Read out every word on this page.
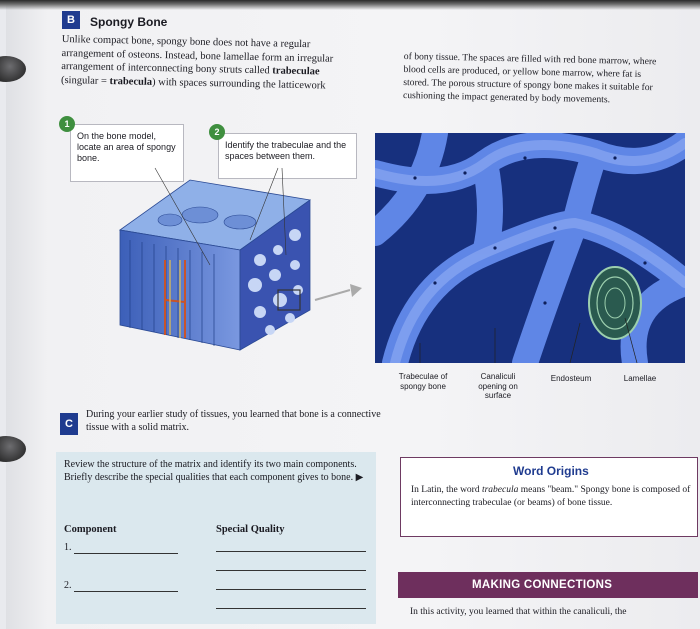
B	Spongy Bone
Unlike compact bone, spongy bone does not have a regular
arrangement of osteons. Instead, bone lamellae form an irregular
arrangement of interconnecting bony struts called trabeculae
(singular = trabecula) with spaces surrounding the latticework
of bony tissue. The spaces are filled with red bone marrow, where
blood cells are produced, or yellow bone marrow, where fat is
stored. The porous structure of spongy bone makes it suitable for
cushioning the impact generated by body movements.
On the bone model, locate an area of spongy bone.
1
Identify the trabeculae and the spaces between them.
2
Trabeculae of spongy bone
Canaliculi opening on surface
Endosteum	Lamellae
C
During your earlier study of tissues, you learned that bone is a connective tissue with a solid matrix.
Review the structure of the matrix and identify its two main components. Briefly describe the special qualities that each component gives to bone. ▶
Component	Special Quality
1.
2.
Word Origins
In Latin, the word trabecula means "beam." Spongy bone is composed of interconnecting trabeculae (or beams) of bone tissue.
MAKING CONNECTIONS
In this activity, you learned that within the canaliculi, the
